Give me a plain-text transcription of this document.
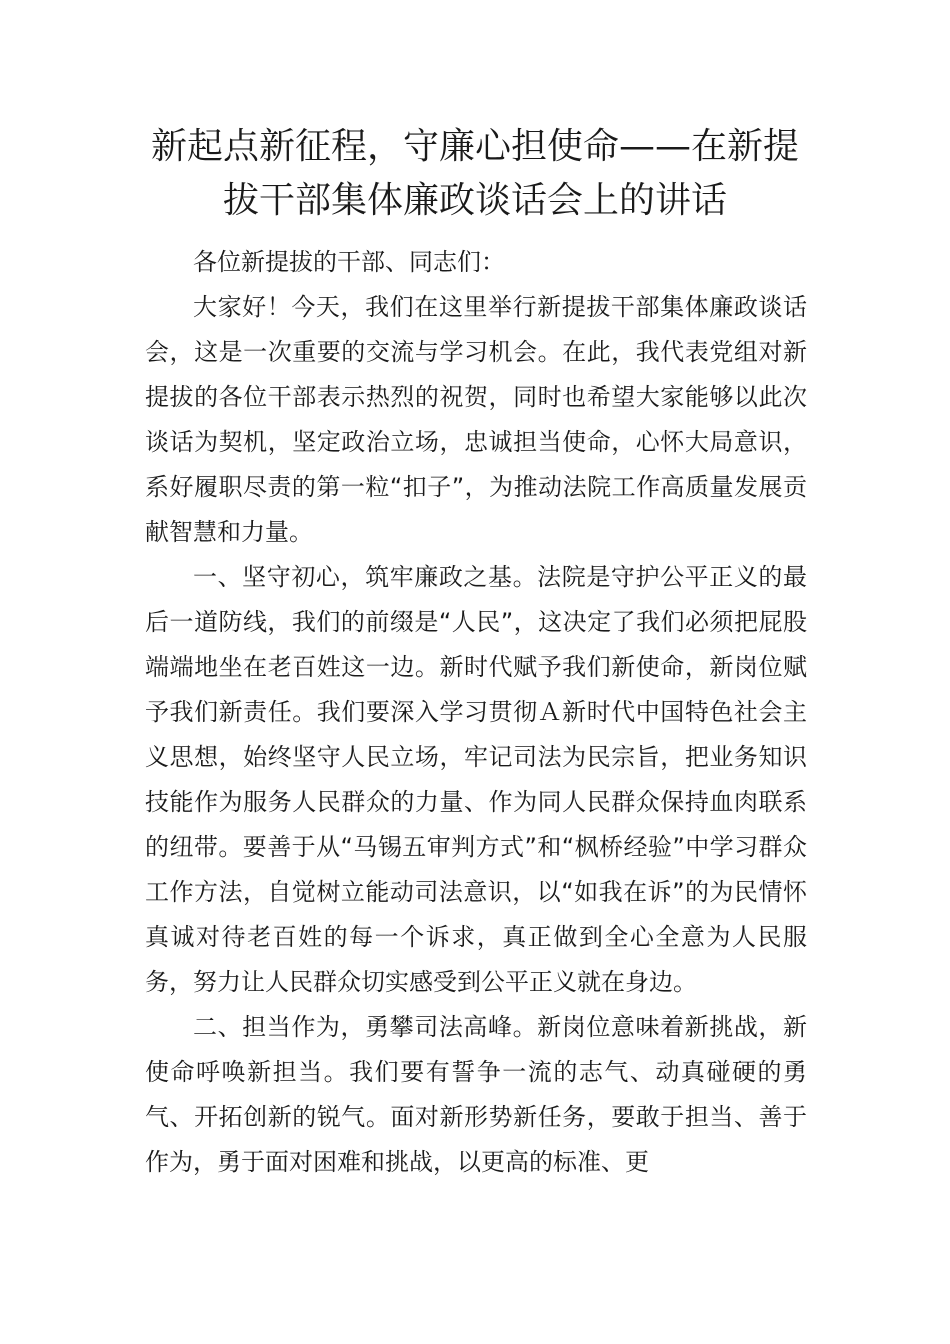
新起点新征程，守廉心担使命——在新提拔干部集体廉政谈话会上的讲话

各位新提拔的干部、同志们：

大家好！今天，我们在这里举行新提拔干部集体廉政谈话会，这是一次重要的交流与学习机会。在此，我代表党组对新提拔的各位干部表示热烈的祝贺，同时也希望大家能够以此次谈话为契机，坚定政治立场，忠诚担当使命，心怀大局意识，系好履职尽责的第一粒“扣子”，为推动法院工作高质量发展贡献智慧和力量。

一、坚守初心，筑牢廉政之基。法院是守护公平正义的最后一道防线，我们的前缀是“人民”，这决定了我们必须把屁股端端地坐在老百姓这一边。新时代赋予我们新使命，新岗位赋予我们新责任。我们要深入学习贯彻Ａ新时代中国特色社会主义思想，始终坚守人民立场，牢记司法为民宗旨，把业务知识技能作为服务人民群众的力量、作为同人民群众保持血肉联系的纽带。要善于从“马锡五审判方式”和“枫桥经验”中学习群众工作方法，自觉树立能动司法意识，以“如我在诉”的为民情怀真诚对待老百姓的每一个诉求，真正做到全心全意为人民服务，努力让人民群众切实感受到公平正义就在身边。

二、担当作为，勇攀司法高峰。新岗位意味着新挑战，新使命呼唤新担当。我们要有誓争一流的志气、动真碰硬的勇气、开拓创新的锐气。面对新形势新任务，要敢于担当、善于作为，勇于面对困难和挑战，以更高的标准、更
